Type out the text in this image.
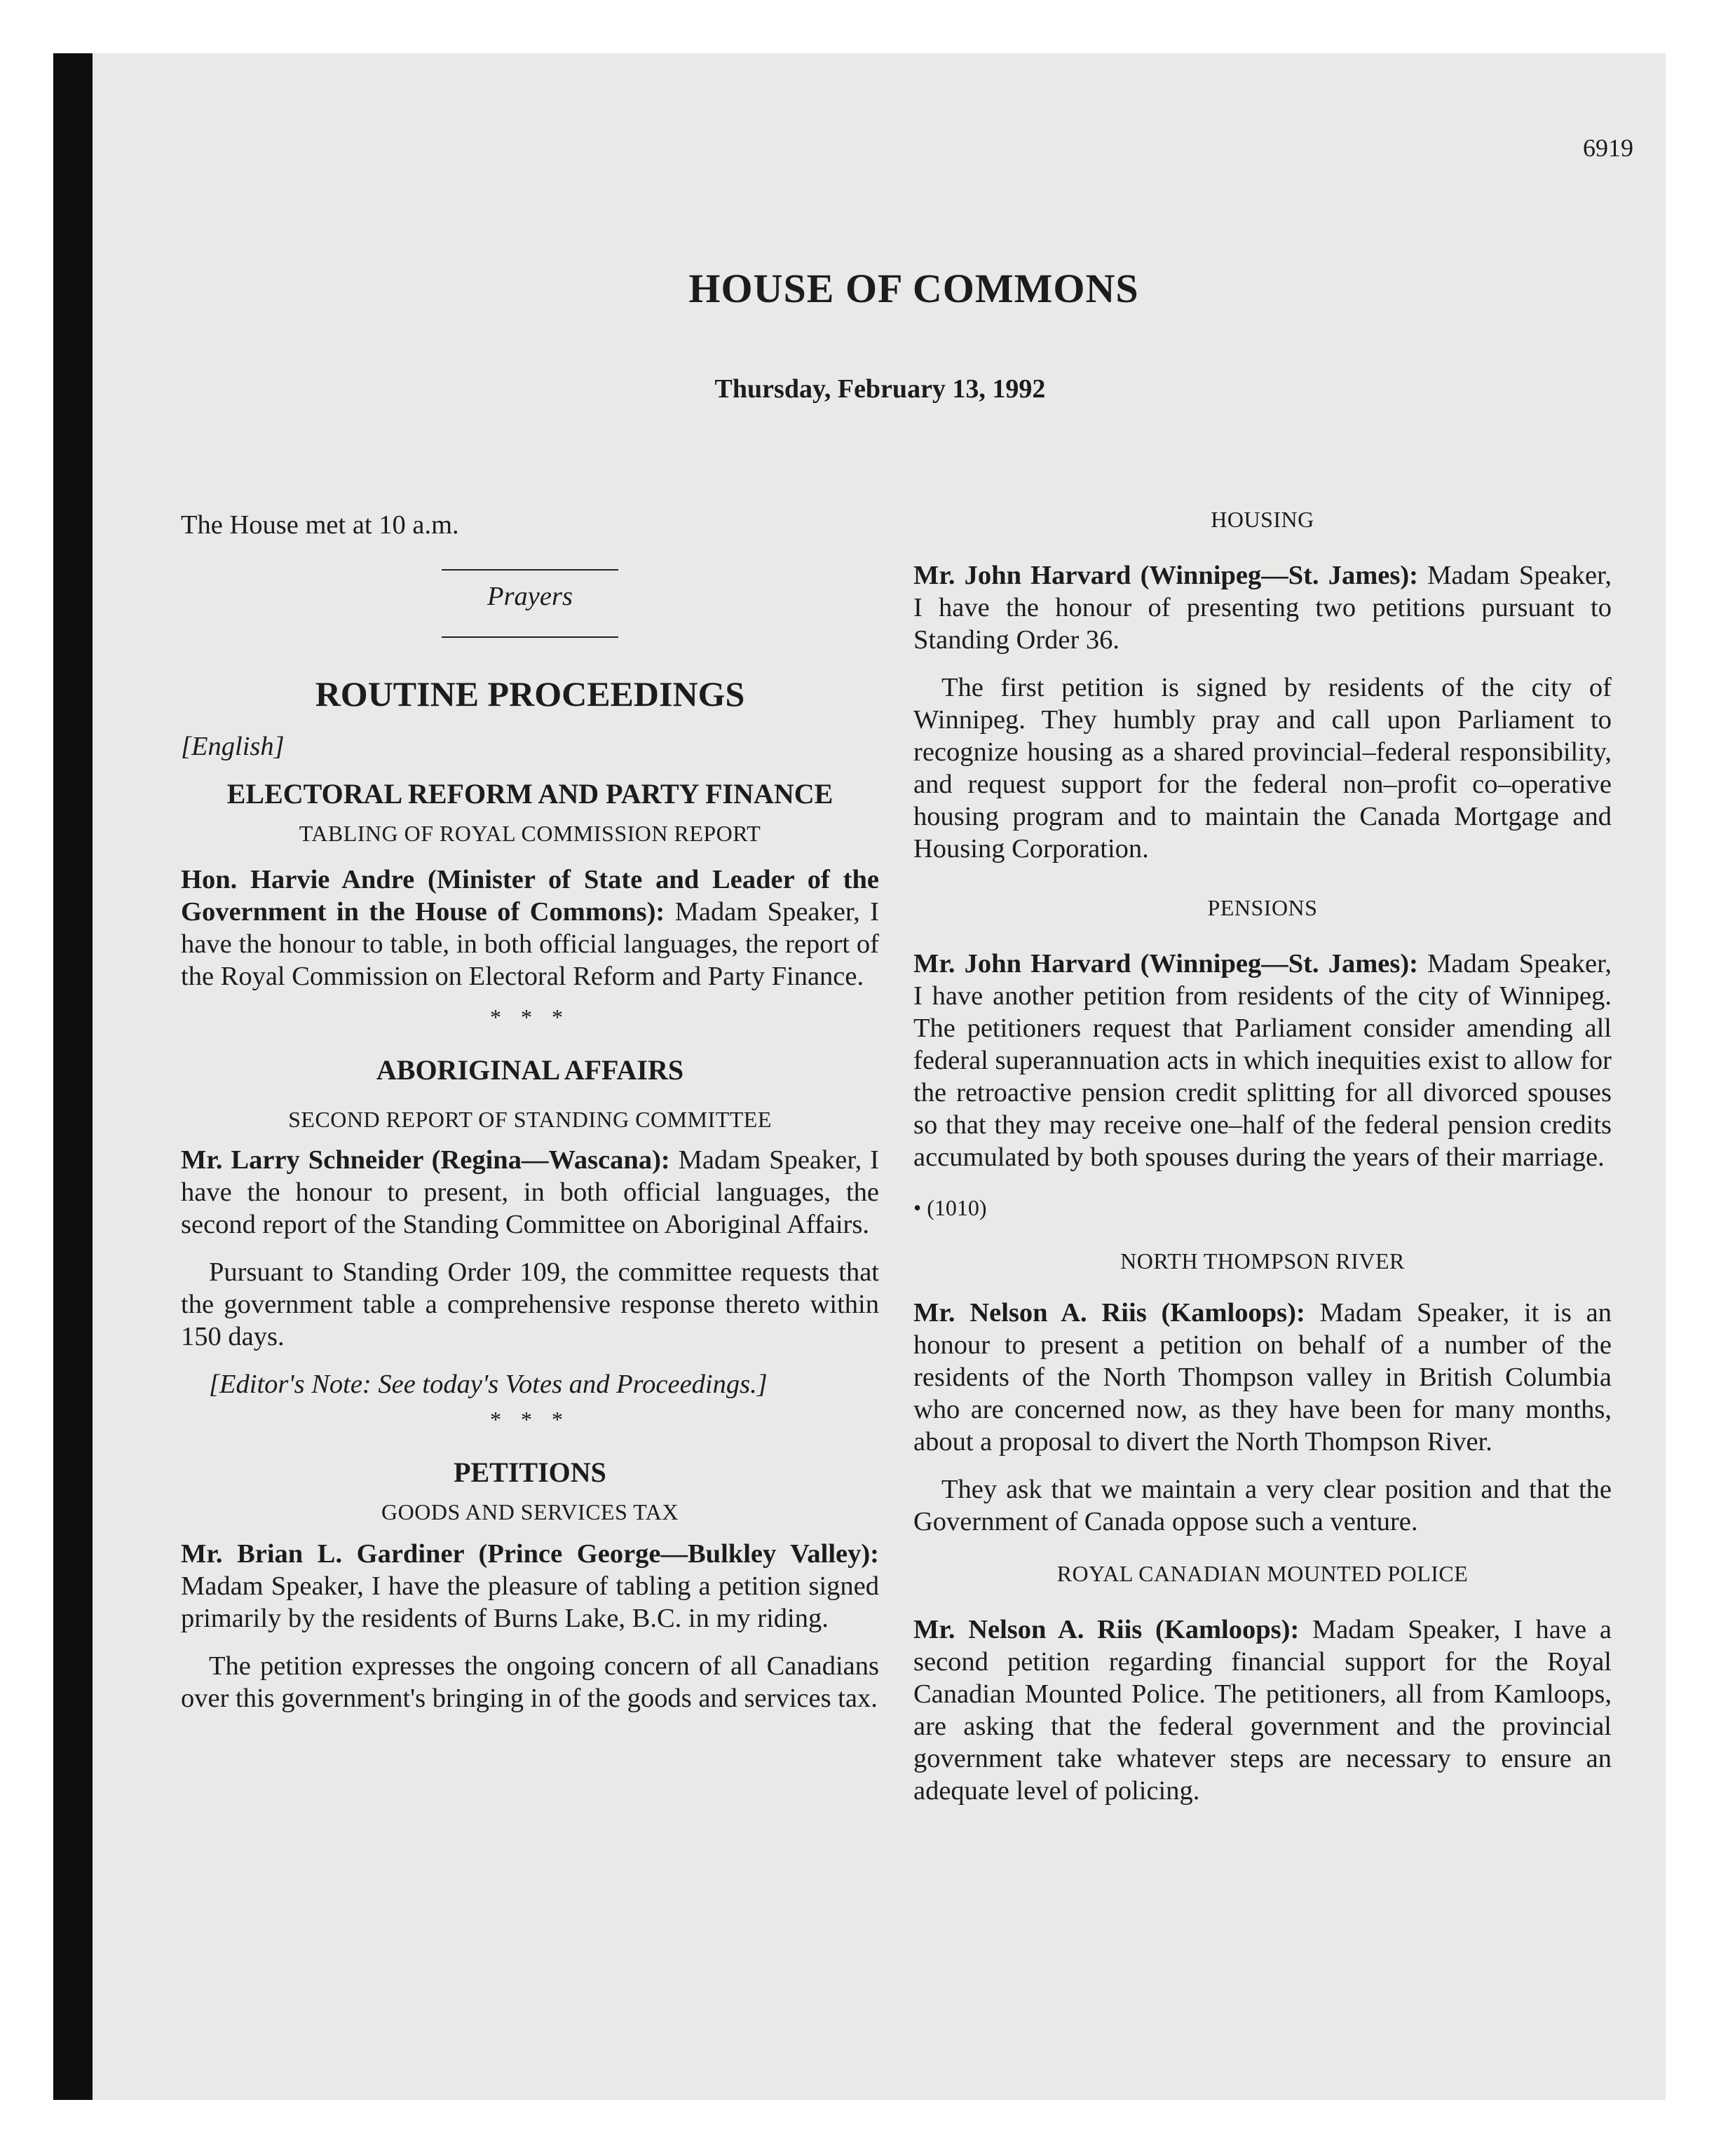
6919
HOUSE OF COMMONS
Thursday, February 13, 1992

The House met at 10 a.m.

Prayers

ROUTINE PROCEEDINGS

[English]

ELECTORAL REFORM AND PARTY FINANCE
TABLING OF ROYAL COMMISSION REPORT

Hon. Harvie Andre (Minister of State and Leader of the Government in the House of Commons): Madam Speaker, I have the honour to table, in both official languages, the report of the Royal Commission on Electoral Reform and Party Finance.

* * *
ABORIGINAL AFFAIRS
SECOND REPORT OF STANDING COMMITTEE

Mr. Larry Schneider (Regina—Wascana): Madam Speaker, I have the honour to present, in both official languages, the second report of the Standing Committee on Aboriginal Affairs.

Pursuant to Standing Order 109, the committee requests that the government table a comprehensive response thereto within 150 days.

[Editor's Note: See today's Votes and Proceedings.]

* * *
PETITIONS
GOODS AND SERVICES TAX

Mr. Brian L. Gardiner (Prince George—Bulkley Valley): Madam Speaker, I have the pleasure of tabling a petition signed primarily by the residents of Burns Lake, B.C. in my riding.

The petition expresses the ongoing concern of all Canadians over this government's bringing in of the goods and services tax.

HOUSING

Mr. John Harvard (Winnipeg—St. James): Madam Speaker, I have the honour of presenting two petitions pursuant to Standing Order 36.

The first petition is signed by residents of the city of Winnipeg. They humbly pray and call upon Parliament to recognize housing as a shared provincial–federal responsibility, and request support for the federal non–profit co–operative housing program and to maintain the Canada Mortgage and Housing Corporation.

PENSIONS

Mr. John Harvard (Winnipeg—St. James): Madam Speaker, I have another petition from residents of the city of Winnipeg. The petitioners request that Parliament consider amending all federal superannuation acts in which inequities exist to allow for the retroactive pension credit splitting for all divorced spouses so that they may receive one–half of the federal pension credits accumulated by both spouses during the years of their marriage.

• (1010)

NORTH THOMPSON RIVER

Mr. Nelson A. Riis (Kamloops): Madam Speaker, it is an honour to present a petition on behalf of a number of the residents of the North Thompson valley in British Columbia who are concerned now, as they have been for many months, about a proposal to divert the North Thompson River.

They ask that we maintain a very clear position and that the Government of Canada oppose such a venture.

ROYAL CANADIAN MOUNTED POLICE

Mr. Nelson A. Riis (Kamloops): Madam Speaker, I have a second petition regarding financial support for the Royal Canadian Mounted Police. The petitioners, all from Kamloops, are asking that the federal government and the provincial government take whatever steps are necessary to ensure an adequate level of policing.
